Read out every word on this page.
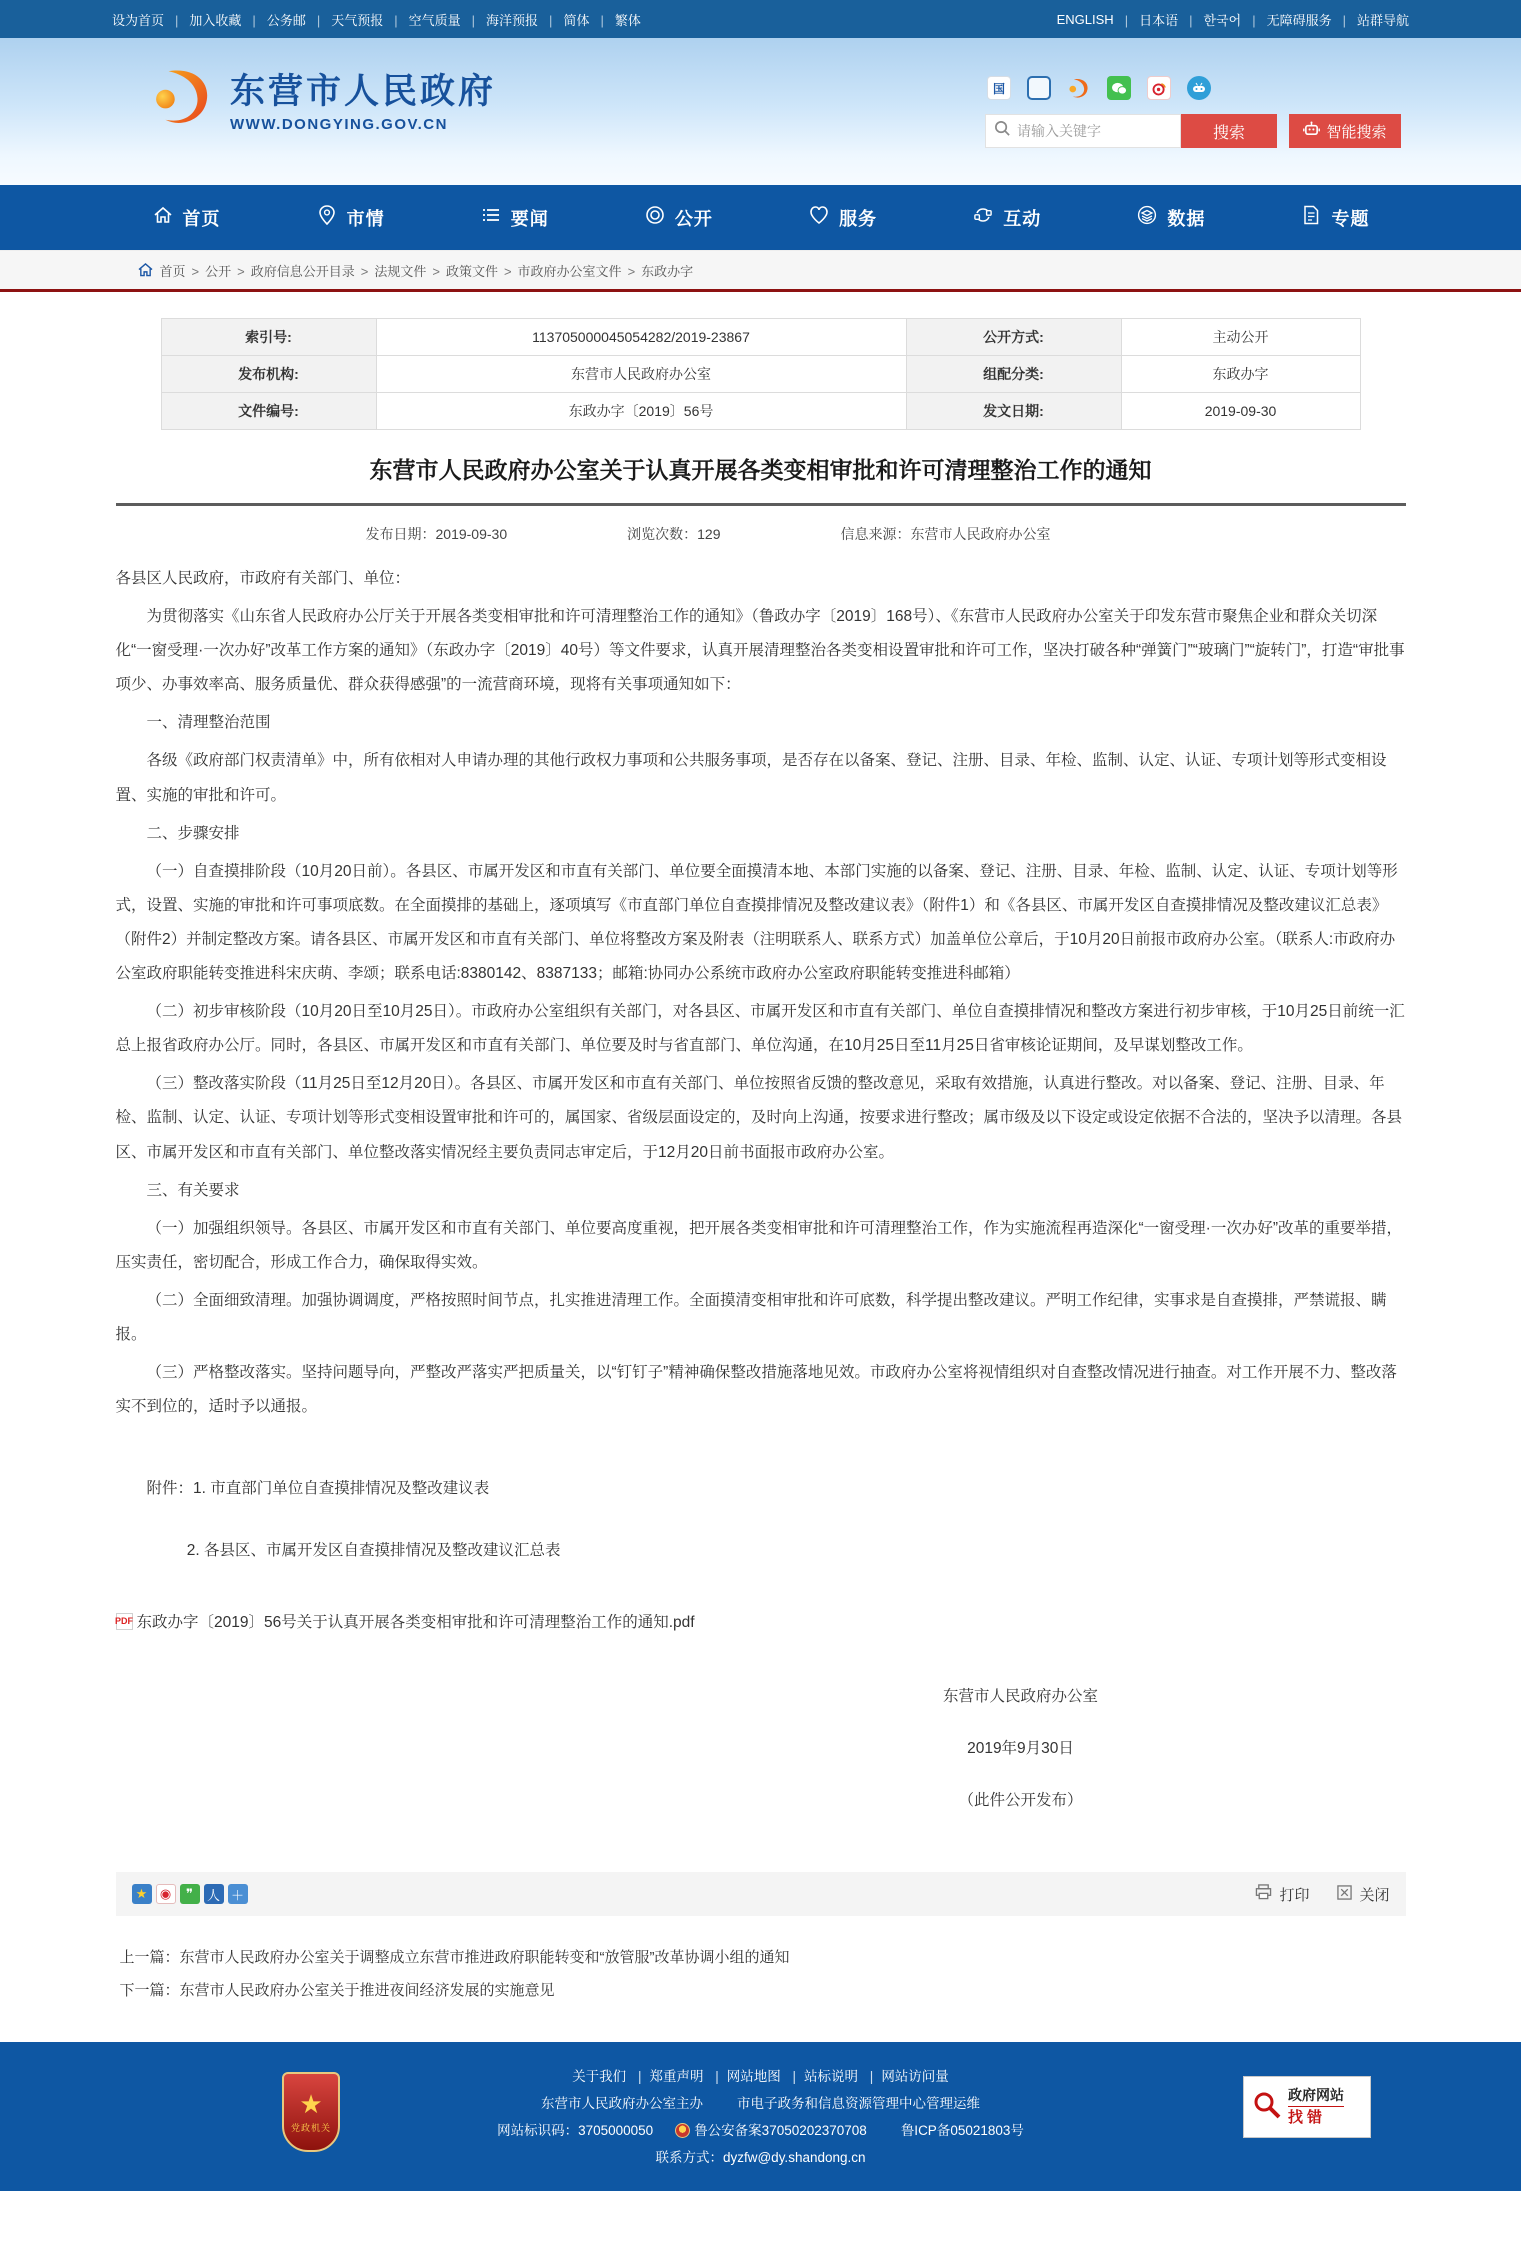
设为首页	| 加入收藏	| 公务邮	| 天气预报	| 空气质量	| 海洋预报	| 简体	| 繁体	ENGLISH	| 日本语	| 한국어	| 无障碍服务	| 站群导航
东营市人民政府
WWW.DONGYING.GOV.CN
国
请输入关键字
搜索	智能搜索
首页	市情	要闻	公开	服务	互动	数据	专题
首页	> 公开	> 政府信息公开目录	> 法规文件	> 政策文件	> 市政府办公室文件	> 东政办字
索引号:	113705000045054282/2019-23867	公开方式:	主动公开
发布机构:	东营市人民政府办公室	组配分类:	东政办字
文件编号:	东政办字〔2019〕56号	发文日期:	2019-09-30
东营市人民政府办公室关于认真开展各类变相审批和许可清理整治工作的通知
发布日期：2019-09-30	浏览次数：129	信息来源：东营市人民政府办公室

各县区人民政府，市政府有关部门、单位：

为贯彻落实《山东省人民政府办公厅关于开展各类变相审批和许可清理整治工作的通知》（鲁政办字〔2019〕168号）、《东营市人民政府办公室关于印发东营市聚焦企业和群众关切深化“一窗受理·一次办好”改革工作方案的通知》（东政办字〔2019〕40号）等文件要求，认真开展清理整治各类变相设置审批和许可工作，坚决打破各种“弹簧门”“玻璃门”“旋转门”，打造“审批事项少、办事效率高、服务质量优、群众获得感强”的一流营商环境，现将有关事项通知如下：

一、清理整治范围

各级《政府部门权责清单》中，所有依相对人申请办理的其他行政权力事项和公共服务事项，是否存在以备案、登记、注册、目录、年检、监制、认定、认证、专项计划等形式变相设置、实施的审批和许可。

二、步骤安排

（一）自查摸排阶段（10月20日前）。各县区、市属开发区和市直有关部门、单位要全面摸清本地、本部门实施的以备案、登记、注册、目录、年检、监制、认定、认证、专项计划等形式，设置、实施的审批和许可事项底数。在全面摸排的基础上，逐项填写《市直部门单位自查摸排情况及整改建议表》（附件1）和《各县区、市属开发区自查摸排情况及整改建议汇总表》（附件2）并制定整改方案。请各县区、市属开发区和市直有关部门、单位将整改方案及附表（注明联系人、联系方式）加盖单位公章后，于10月20日前报市政府办公室。（联系人:市政府办公室政府职能转变推进科宋庆萌、李颂；联系电话:8380142、8387133；邮箱:协同办公系统市政府办公室政府职能转变推进科邮箱）

（二）初步审核阶段（10月20日至10月25日）。市政府办公室组织有关部门，对各县区、市属开发区和市直有关部门、单位自查摸排情况和整改方案进行初步审核，于10月25日前统一汇总上报省政府办公厅。同时，各县区、市属开发区和市直有关部门、单位要及时与省直部门、单位沟通，在10月25日至11月25日省审核论证期间，及早谋划整改工作。

（三）整改落实阶段（11月25日至12月20日）。各县区、市属开发区和市直有关部门、单位按照省反馈的整改意见，采取有效措施，认真进行整改。对以备案、登记、注册、目录、年检、监制、认定、认证、专项计划等形式变相设置审批和许可的，属国家、省级层面设定的，及时向上沟通，按要求进行整改；属市级及以下设定或设定依据不合法的，坚决予以清理。各县区、市属开发区和市直有关部门、单位整改落实情况经主要负责同志审定后，于12月20日前书面报市政府办公室。

三、有关要求

（一）加强组织领导。各县区、市属开发区和市直有关部门、单位要高度重视，把开展各类变相审批和许可清理整治工作，作为实施流程再造深化“一窗受理·一次办好”改革的重要举措，压实责任，密切配合，形成工作合力，确保取得实效。

（二）全面细致清理。加强协调调度，严格按照时间节点，扎实推进清理工作。全面摸清变相审批和许可底数，科学提出整改建议。严明工作纪律，实事求是自查摸排，严禁谎报、瞒报。

（三）严格整改落实。坚持问题导向，严整改严落实严把质量关，以“钉钉子”精神确保整改措施落地见效。市政府办公室将视情组织对自查整改情况进行抽查。对工作开展不力、整改落实不到位的，适时予以通报。

附件：1. 市直部门单位自查摸排情况及整改建议表
2. 各县区、市属开发区自查摸排情况及整改建议汇总表
PDF 东政办字〔2019〕56号关于认真开展各类变相审批和许可清理整治工作的通知.pdf
东营市人民政府办公室
2019年9月30日
（此件公开发布）
★ ◉	❞	人 ＋	打印	关闭
上一篇：东营市人民政府办公室关于调整成立东营市推进政府职能转变和“放管服”改革协调小组的通知
下一篇：东营市人民政府办公室关于推进夜间经济发展的实施意见
关于我们 | 郑重声明 | 网站地图 | 站标说明 | 网站访问量
东营市人民政府办公室主办	市电子政务和信息资源管理中心管理运维
网站标识码：3705000050	鲁公安备案37050202370708	鲁ICP备05021803号
联系方式：dyzfw@dy.shandong.cn
★
党政机关
政府网站
找错
